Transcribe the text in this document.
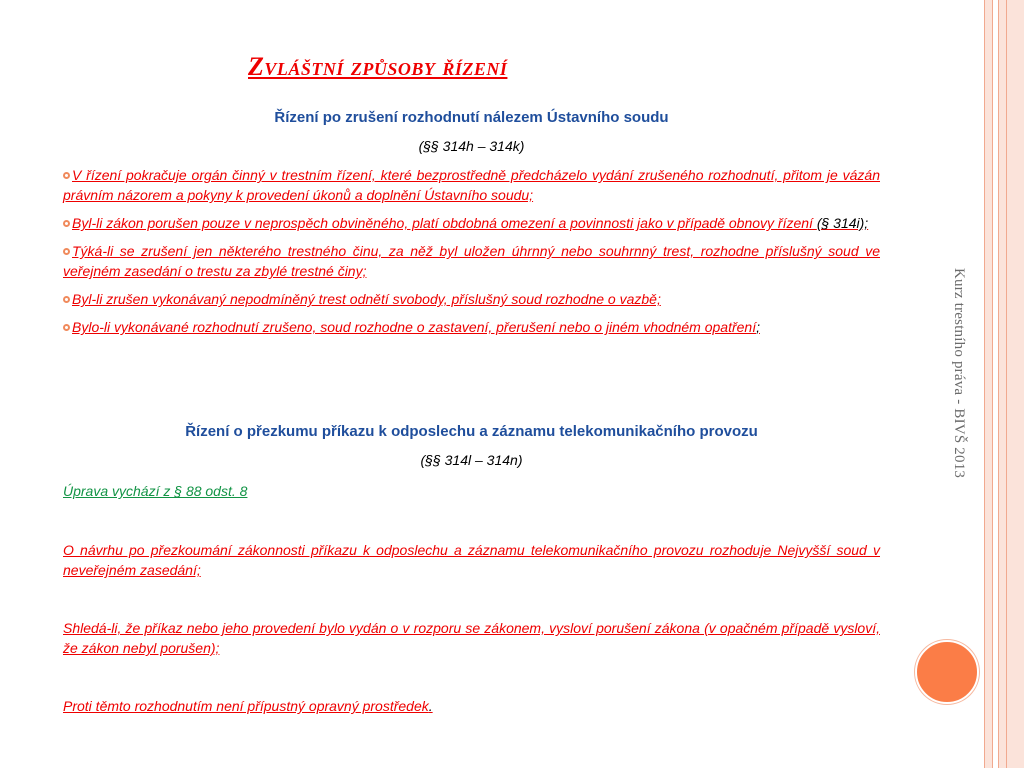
Kurz trestního práva - BIVŠ 2013
Zvláštní způsoby řízení
Řízení po zrušení rozhodnutí nálezem Ústavního soudu
(§§ 314h – 314k)
V řízení pokračuje orgán činný v trestním řízení, které bezprostředně předcházelo vydání zrušeného rozhodnutí, přitom je vázán právním názorem a pokyny k provedení úkonů a doplnění Ústavního soudu;
Byl-li zákon porušen pouze v neprospěch obviněného, platí obdobná omezení a povinnosti jako v případě obnovy řízení (§ 314i);
Týká-li se zrušení jen některého trestného činu, za něž byl uložen úhrnný nebo souhrnný trest, rozhodne příslušný soud ve veřejném zasedání o trestu za zbylé trestné činy;
Byl-li zrušen vykonávaný nepodmíněný trest odnětí svobody, příslušný soud rozhodne o vazbě;
Bylo-li vykonávané rozhodnutí zrušeno, soud rozhodne o zastavení, přerušení nebo o jiném vhodném opatření;
Řízení o přezkumu příkazu k odposlechu a záznamu telekomunikačního provozu
(§§ 314l – 314n)
Úprava vychází z § 88 odst. 8
O návrhu po přezkoumání zákonnosti příkazu k odposlechu a záznamu telekomunikačního provozu rozhoduje Nejvyšší soud v neveřejném zasedání;
Shledá-li, že příkaz nebo jeho provedení bylo vydán o v rozporu se zákonem, vysloví porušení zákona (v opačném případě vysloví, že zákon nebyl porušen);
Proti těmto rozhodnutím není přípustný opravný prostředek.
